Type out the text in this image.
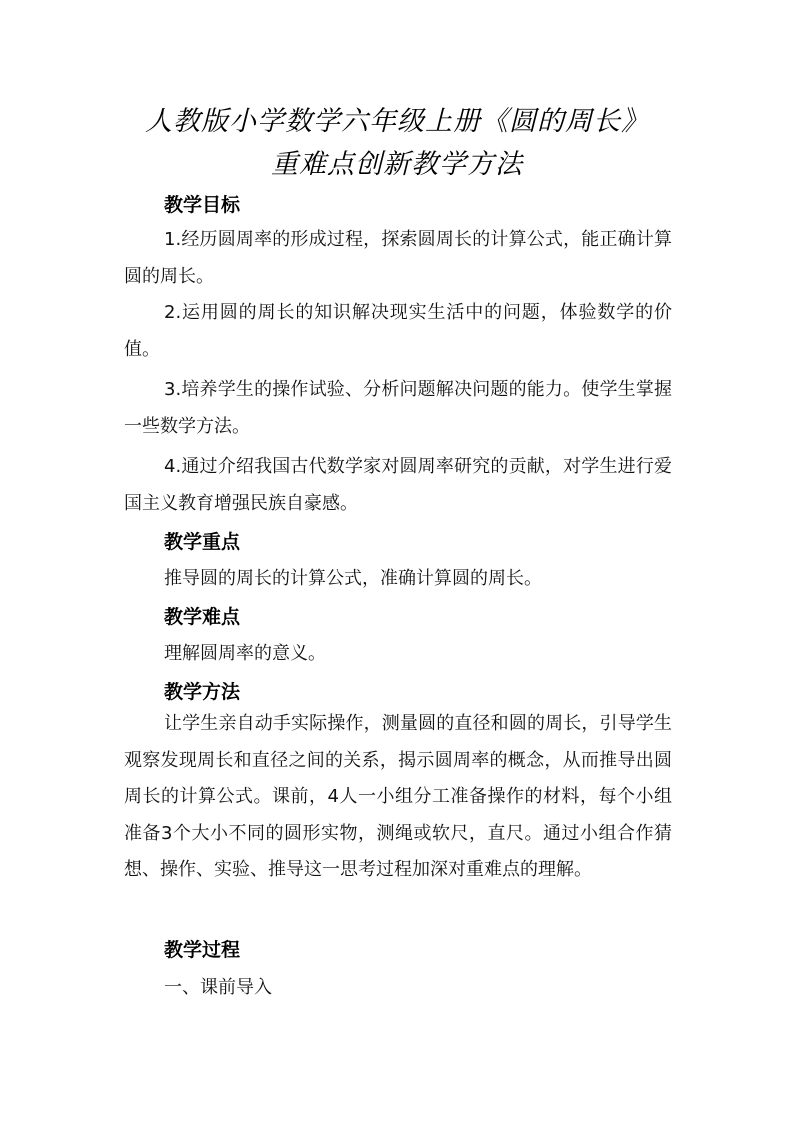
人教版小学数学六年级上册《圆的周长》
重难点创新教学方法
教学目标
1.经历圆周率的形成过程，探索圆周长的计算公式，能正确计算圆的周长。
2.运用圆的周长的知识解决现实生活中的问题，体验数学的价值。
3.培养学生的操作试验、分析问题解决问题的能力。使学生掌握一些数学方法。
4.通过介绍我国古代数学家对圆周率研究的贡献，对学生进行爱国主义教育增强民族自豪感。
教学重点
推导圆的周长的计算公式，准确计算圆的周长。
教学难点
理解圆周率的意义。
教学方法
让学生亲自动手实际操作，测量圆的直径和圆的周长，引导学生观察发现周长和直径之间的关系，揭示圆周率的概念，从而推导出圆周长的计算公式。课前，4人一小组分工准备操作的材料，每个小组准备3个大小不同的圆形实物，测绳或软尺，直尺。通过小组合作猜想、操作、实验、推导这一思考过程加深对重难点的理解。
教学过程
一、课前导入
